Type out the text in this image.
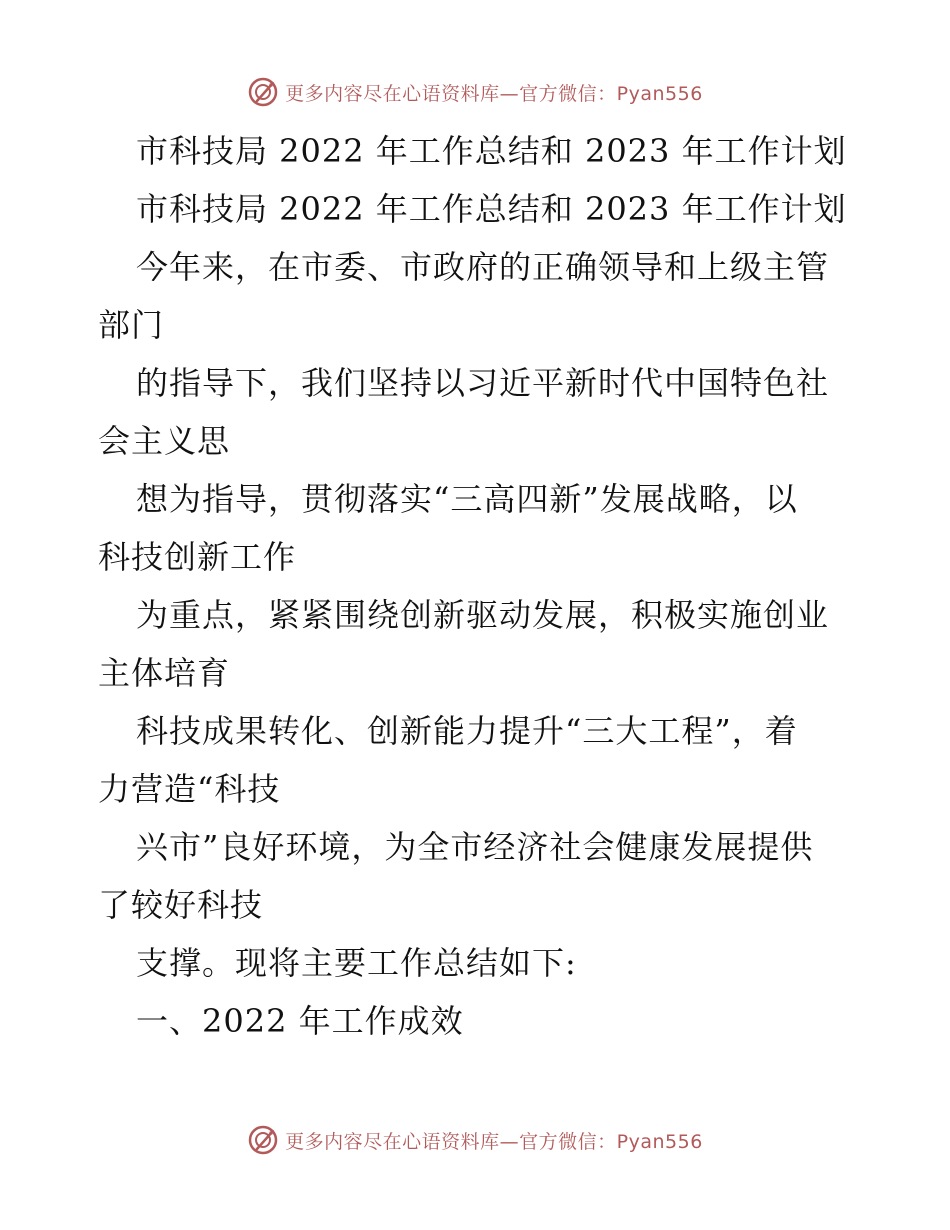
更多内容尽在心语资料库—官方微信：Pyan556
市科技局 2022 年工作总结和 2023 年工作计划
市科技局 2022 年工作总结和 2023 年工作计划
今年来，在市委、市政府的正确领导和上级主管
部门
的指导下，我们坚持以习近平新时代中国特色社
会主义思
想为指导，贯彻落实“三高四新”发展战略，以
科技创新工作
为重点，紧紧围绕创新驱动发展，积极实施创业
主体培育
科技成果转化、创新能力提升“三大工程”，着
力营造“科技
兴市”良好环境，为全市经济社会健康发展提供
了较好科技
支撑。现将主要工作总结如下:
一、2022 年工作成效
更多内容尽在心语资料库—官方微信：Pyan556
